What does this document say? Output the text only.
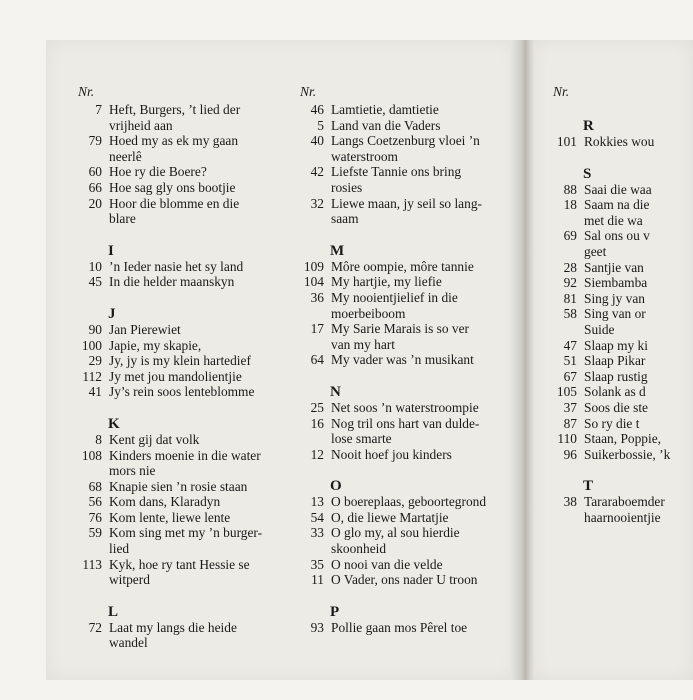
Nr.
7 Heft, Burgers, ’t lied der
vrijheid aan
79 Hoed my as ek my gaan
neerlê
60 Hoe ry die Boere?
66 Hoe sag gly ons bootjie
20 Hoor die blomme en die
blare
I
10 ’n Ieder nasie het sy land
45 In die helder maanskyn
J
90 Jan Pierewiet
100 Japie, my skapie,
29 Jy, jy is my klein hartedief
112 Jy met jou mandolientjie
41 Jy’s rein soos lenteblomme
K
8 Kent gij dat volk
108 Kinders moenie in die water
mors nie
68 Knapie sien ’n rosie staan
56 Kom dans, Klaradyn
76 Kom lente, liewe lente
59 Kom sing met my ’n burger-
lied
113 Kyk, hoe ry tant Hessie se
witperd
L
72 Laat my langs die heide
wandel
Nr.
46 Lamtietie, damtietie
5 Land van die Vaders
40 Langs Coetzenburg vloei ’n
waterstroom
42 Liefste Tannie ons bring
rosies
32 Liewe maan, jy seil so lang-
saam
M
109 Môre oompie, môre tannie
104 My hartjie, my liefie
36 My nooientjielief in die
moerbeiboom
17 My Sarie Marais is so ver
van my hart
64 My vader was ’n musikant
N
25 Net soos ’n waterstroompie
16 Nog tril ons hart van dulde-
lose smarte
12 Nooit hoef jou kinders
O
13 O boereplaas, geboortegrond
54 O, die liewe Martatjie
33 O glo my, al sou hierdie
skoonheid
35 O nooi van die velde
11 O Vader, ons nader U troon
P
93 Pollie gaan mos Pêrel toe
Nr.
R
101 Rokkies wou
S
88 Saai die waa
18 Saam na die
met die wa
69 Sal ons ou v
geet
28 Santjie van
92 Siembamba
81 Sing jy van
58 Sing van or
Suide
47 Slaap my ki
51 Slaap Pikar
67 Slaap rustig
105 Solank as d
37 Soos die ste
87 So ry die t
110 Staan, Poppie,
96 Suikerbossie, ’k
T
38 Tararaboemder
haarnooientjie
